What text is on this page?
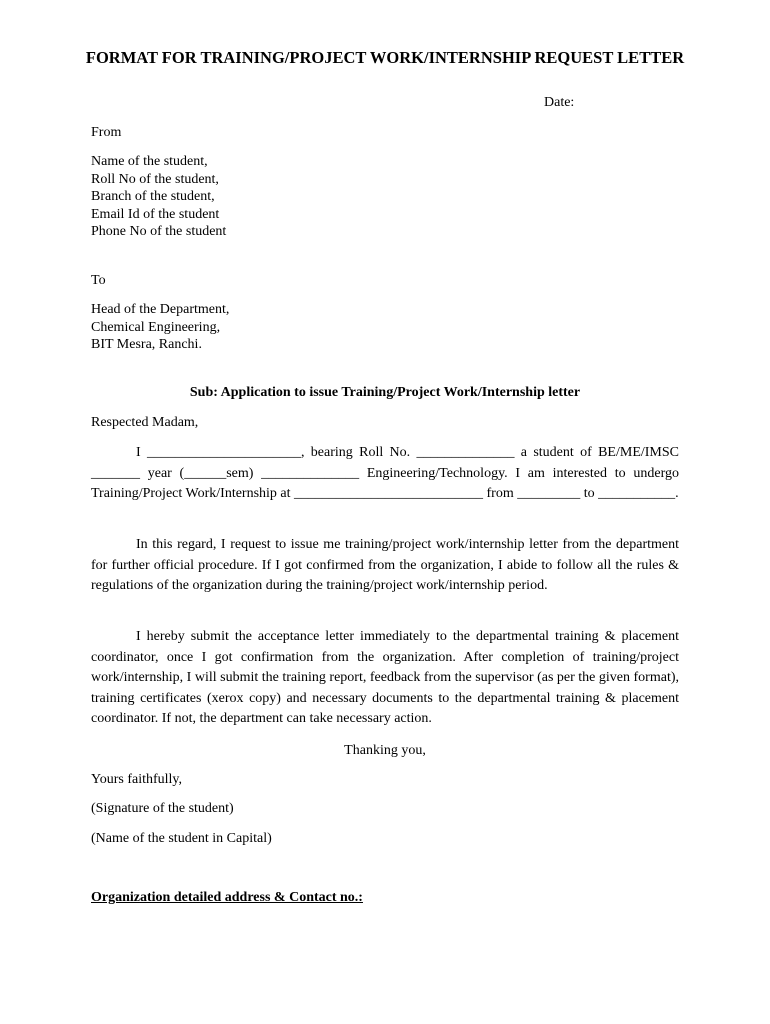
FORMAT FOR TRAINING/PROJECT WORK/INTERNSHIP REQUEST LETTER
Date:
From
Name of the student,
Roll No of the student,
Branch of the student,
Email Id of the student
Phone No of the student
To
Head of the Department,
Chemical Engineering,
BIT Mesra, Ranchi.
Sub: Application to issue Training/Project Work/Internship letter
Respected Madam,

I ______________________, bearing Roll No. ______________ a student of BE/ME/IMSC _______ year (______sem) ______________ Engineering/Technology. I am interested to undergo Training/Project Work/Internship at ___________________________ from _________ to ___________.

In this regard, I request to issue me training/project work/internship letter from the department for further official procedure. If I got confirmed from the organization, I abide to follow all the rules & regulations of the organization during the training/project work/internship period.

I hereby submit the acceptance letter immediately to the departmental training & placement coordinator, once I got confirmation from the organization. After completion of training/project work/internship, I will submit the training report, feedback from the supervisor (as per the given format), training certificates (xerox copy) and necessary documents to the departmental training & placement coordinator. If not, the department can take necessary action.

Thanking you,
Yours faithfully,
(Signature of the student)
(Name of the student in Capital)
Organization detailed address & Contact no.:
